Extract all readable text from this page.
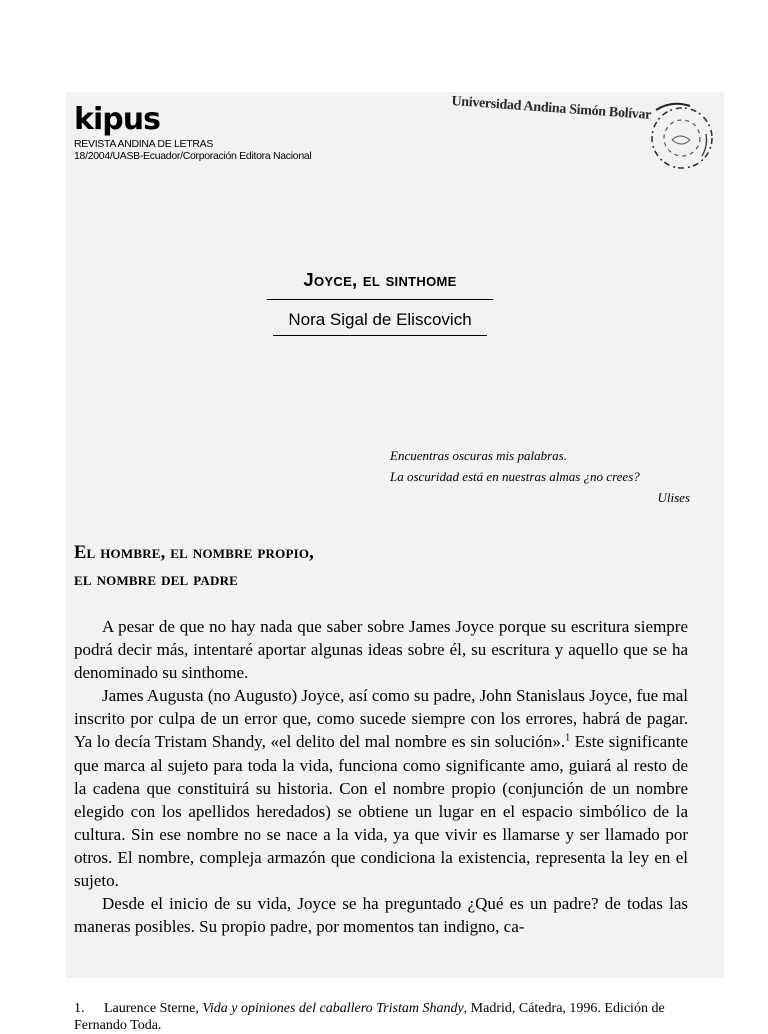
kipus
REVISTA ANDINA DE LETRAS
18/2004/UASB-Ecuador/Corporación Editora Nacional
Universidad Andina Simón Bolívar
Joyce, el sinthome
Nora Sigal de Eliscovich
Encuentras oscuras mis palabras.
La oscuridad está en nuestras almas ¿no crees?
Ulises
El hombre, el nombre propio,
el nombre del padre

A pesar de que no hay nada que saber sobre James Joyce porque su escritura siempre podrá decir más, intentaré aportar algunas ideas sobre él, su escritura y aquello que se ha denominado su sinthome.

James Augusta (no Augusto) Joyce, así como su padre, John Stanislaus Joyce, fue mal inscrito por culpa de un error que, como sucede siempre con los errores, habrá de pagar. Ya lo decía Tristam Shandy, «el delito del mal nombre es sin solución».$^1$ Este significante que marca al sujeto para toda la vida, funciona como significante amo, guiará al resto de la cadena que constituirá su historia. Con el nombre propio (conjunción de un nombre elegido con los apellidos heredados) se obtiene un lugar en el espacio simbólico de la cultura. Sin ese nombre no se nace a la vida, ya que vivir es llamarse y ser llamado por otros. El nombre, compleja armazón que condiciona la existencia, representa la ley en el sujeto.

Desde el inicio de su vida, Joyce se ha preguntado ¿Qué es un padre? de todas las maneras posibles. Su propio padre, por momentos tan indigno, ca-

1. Laurence Sterne, Vida y opiniones del caballero Tristam Shandy, Madrid, Cátedra, 1996. Edición de Fernando Toda.
